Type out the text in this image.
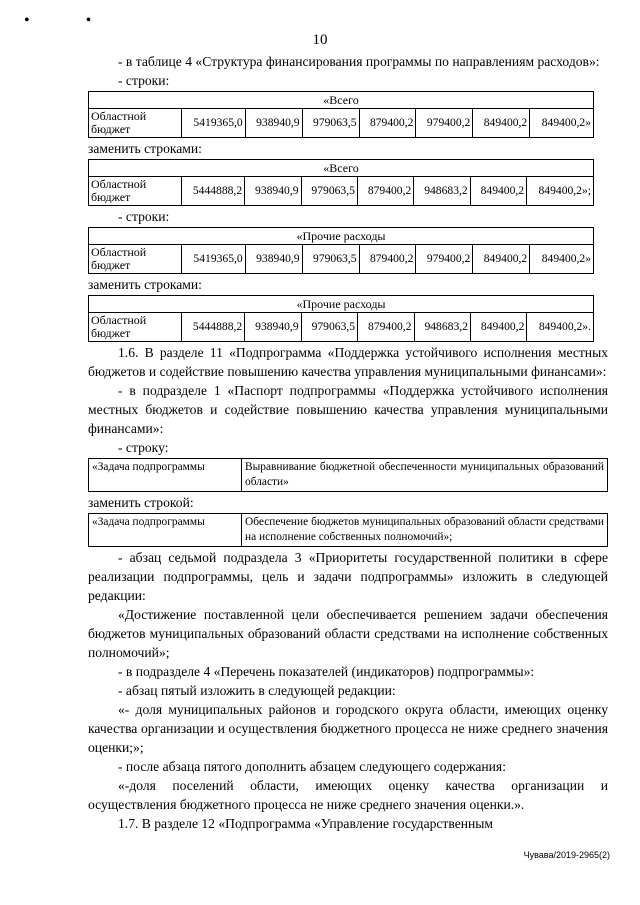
• •
10

- в таблице 4 «Структура финансирования программы по направлениям расходов»:

- строки:

«Всего
Областной бюджет	5419365,0	938940,9	979063,5	879400,2	979400,2	849400,2	849400,2»

заменить строками:

«Всего
Областной бюджет	5444888,2	938940,9	979063,5	879400,2	948683,2	849400,2	849400,2»;

- строки:

«Прочие расходы
Областной бюджет	5419365,0	938940,9	979063,5	879400,2	979400,2	849400,2	849400,2»

заменить строками:

«Прочие расходы
Областной бюджет	5444888,2	938940,9	979063,5	879400,2	948683,2	849400,2	849400,2».

1.6. В разделе 11 «Подпрограмма «Поддержка устойчивого исполнения местных бюджетов и содействие повышению качества управления муниципальными финансами»:

- в подразделе 1 «Паспорт подпрограммы «Поддержка устойчивого исполнения местных бюджетов и содействие повышению качества управления муниципальными финансами»:

- строку:

«Задача подпрограммы	Выравнивание бюджетной обеспеченности муниципальных образований области»

заменить строкой:

«Задача подпрограммы	Обеспечение бюджетов муниципальных образований области средствами на исполнение собственных полномочий»;

- абзац седьмой подраздела 3 «Приоритеты государственной политики в сфере реализации подпрограммы, цель и задачи подпрограммы» изложить в следующей редакции:

«Достижение поставленной цели обеспечивается решением задачи обеспечения бюджетов муниципальных образований области средствами на исполнение собственных полномочий»;

- в подразделе 4 «Перечень показателей (индикаторов) подпрограммы»:

- абзац пятый изложить в следующей редакции:

«- доля муниципальных районов и городского округа области, имеющих оценку качества организации и осуществления бюджетного процесса не ниже среднего значения оценки;»;

- после абзаца пятого дополнить абзацем следующего содержания:

«-доля поселений области, имеющих оценку качества организации и осуществления бюджетного процесса не ниже среднего значения оценки.».

1.7. В разделе 12 «Подпрограмма «Управление государственным

Чувава/2019-2965(2)
